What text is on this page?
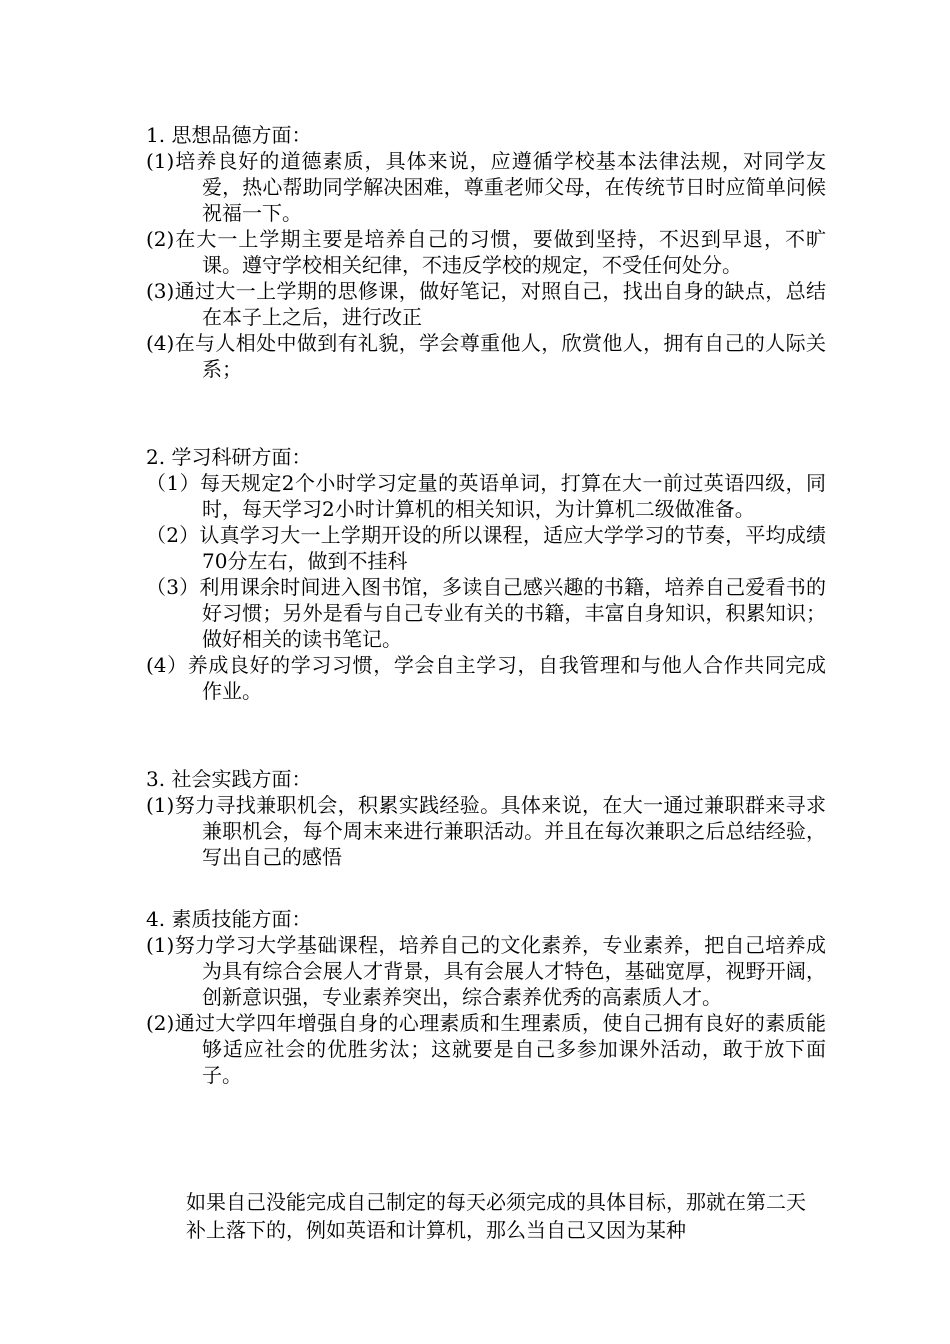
1. 思想品德方面：

(1)培养良好的道德素质，具体来说，应遵循学校基本法律法规，对同学友爱，热心帮助同学解决困难，尊重老师父母，在传统节日时应简单问候祝福一下。

(2)在大一上学期主要是培养自己的习惯，要做到坚持，不迟到早退，不旷课。遵守学校相关纪律，不违反学校的规定，不受任何处分。

(3)通过大一上学期的思修课，做好笔记，对照自己，找出自身的缺点，总结在本子上之后，进行改正

(4)在与人相处中做到有礼貌，学会尊重他人，欣赏他人，拥有自己的人际关系；

2. 学习科研方面：

（1）每天规定2个小时学习定量的英语单词，打算在大一前过英语四级，同时，每天学习2小时计算机的相关知识，为计算机二级做准备。

（2）认真学习大一上学期开设的所以课程，适应大学学习的节奏，平均成绩70分左右，做到不挂科

（3）利用课余时间进入图书馆，多读自己感兴趣的书籍，培养自己爱看书的好习惯；另外是看与自己专业有关的书籍，丰富自身知识，积累知识；做好相关的读书笔记。

(4）养成良好的学习习惯，学会自主学习，自我管理和与他人合作共同完成作业。

3. 社会实践方面：

(1)努力寻找兼职机会，积累实践经验。具体来说，在大一通过兼职群来寻求兼职机会，每个周末来进行兼职活动。并且在每次兼职之后总结经验，写出自己的感悟

4. 素质技能方面：

(1)努力学习大学基础课程，培养自己的文化素养，专业素养，把自己培养成为具有综合会展人才背景，具有会展人才特色，基础宽厚，视野开阔，创新意识强，专业素养突出，综合素养优秀的高素质人才。

(2)通过大学四年增强自身的心理素质和生理素质，使自己拥有良好的素质能够适应社会的优胜劣汰；这就要是自己多参加课外活动，敢于放下面子。

如果自己没能完成自己制定的每天必须完成的具体目标，那就在第二天补上落下的，例如英语和计算机，那么当自己又因为某种
